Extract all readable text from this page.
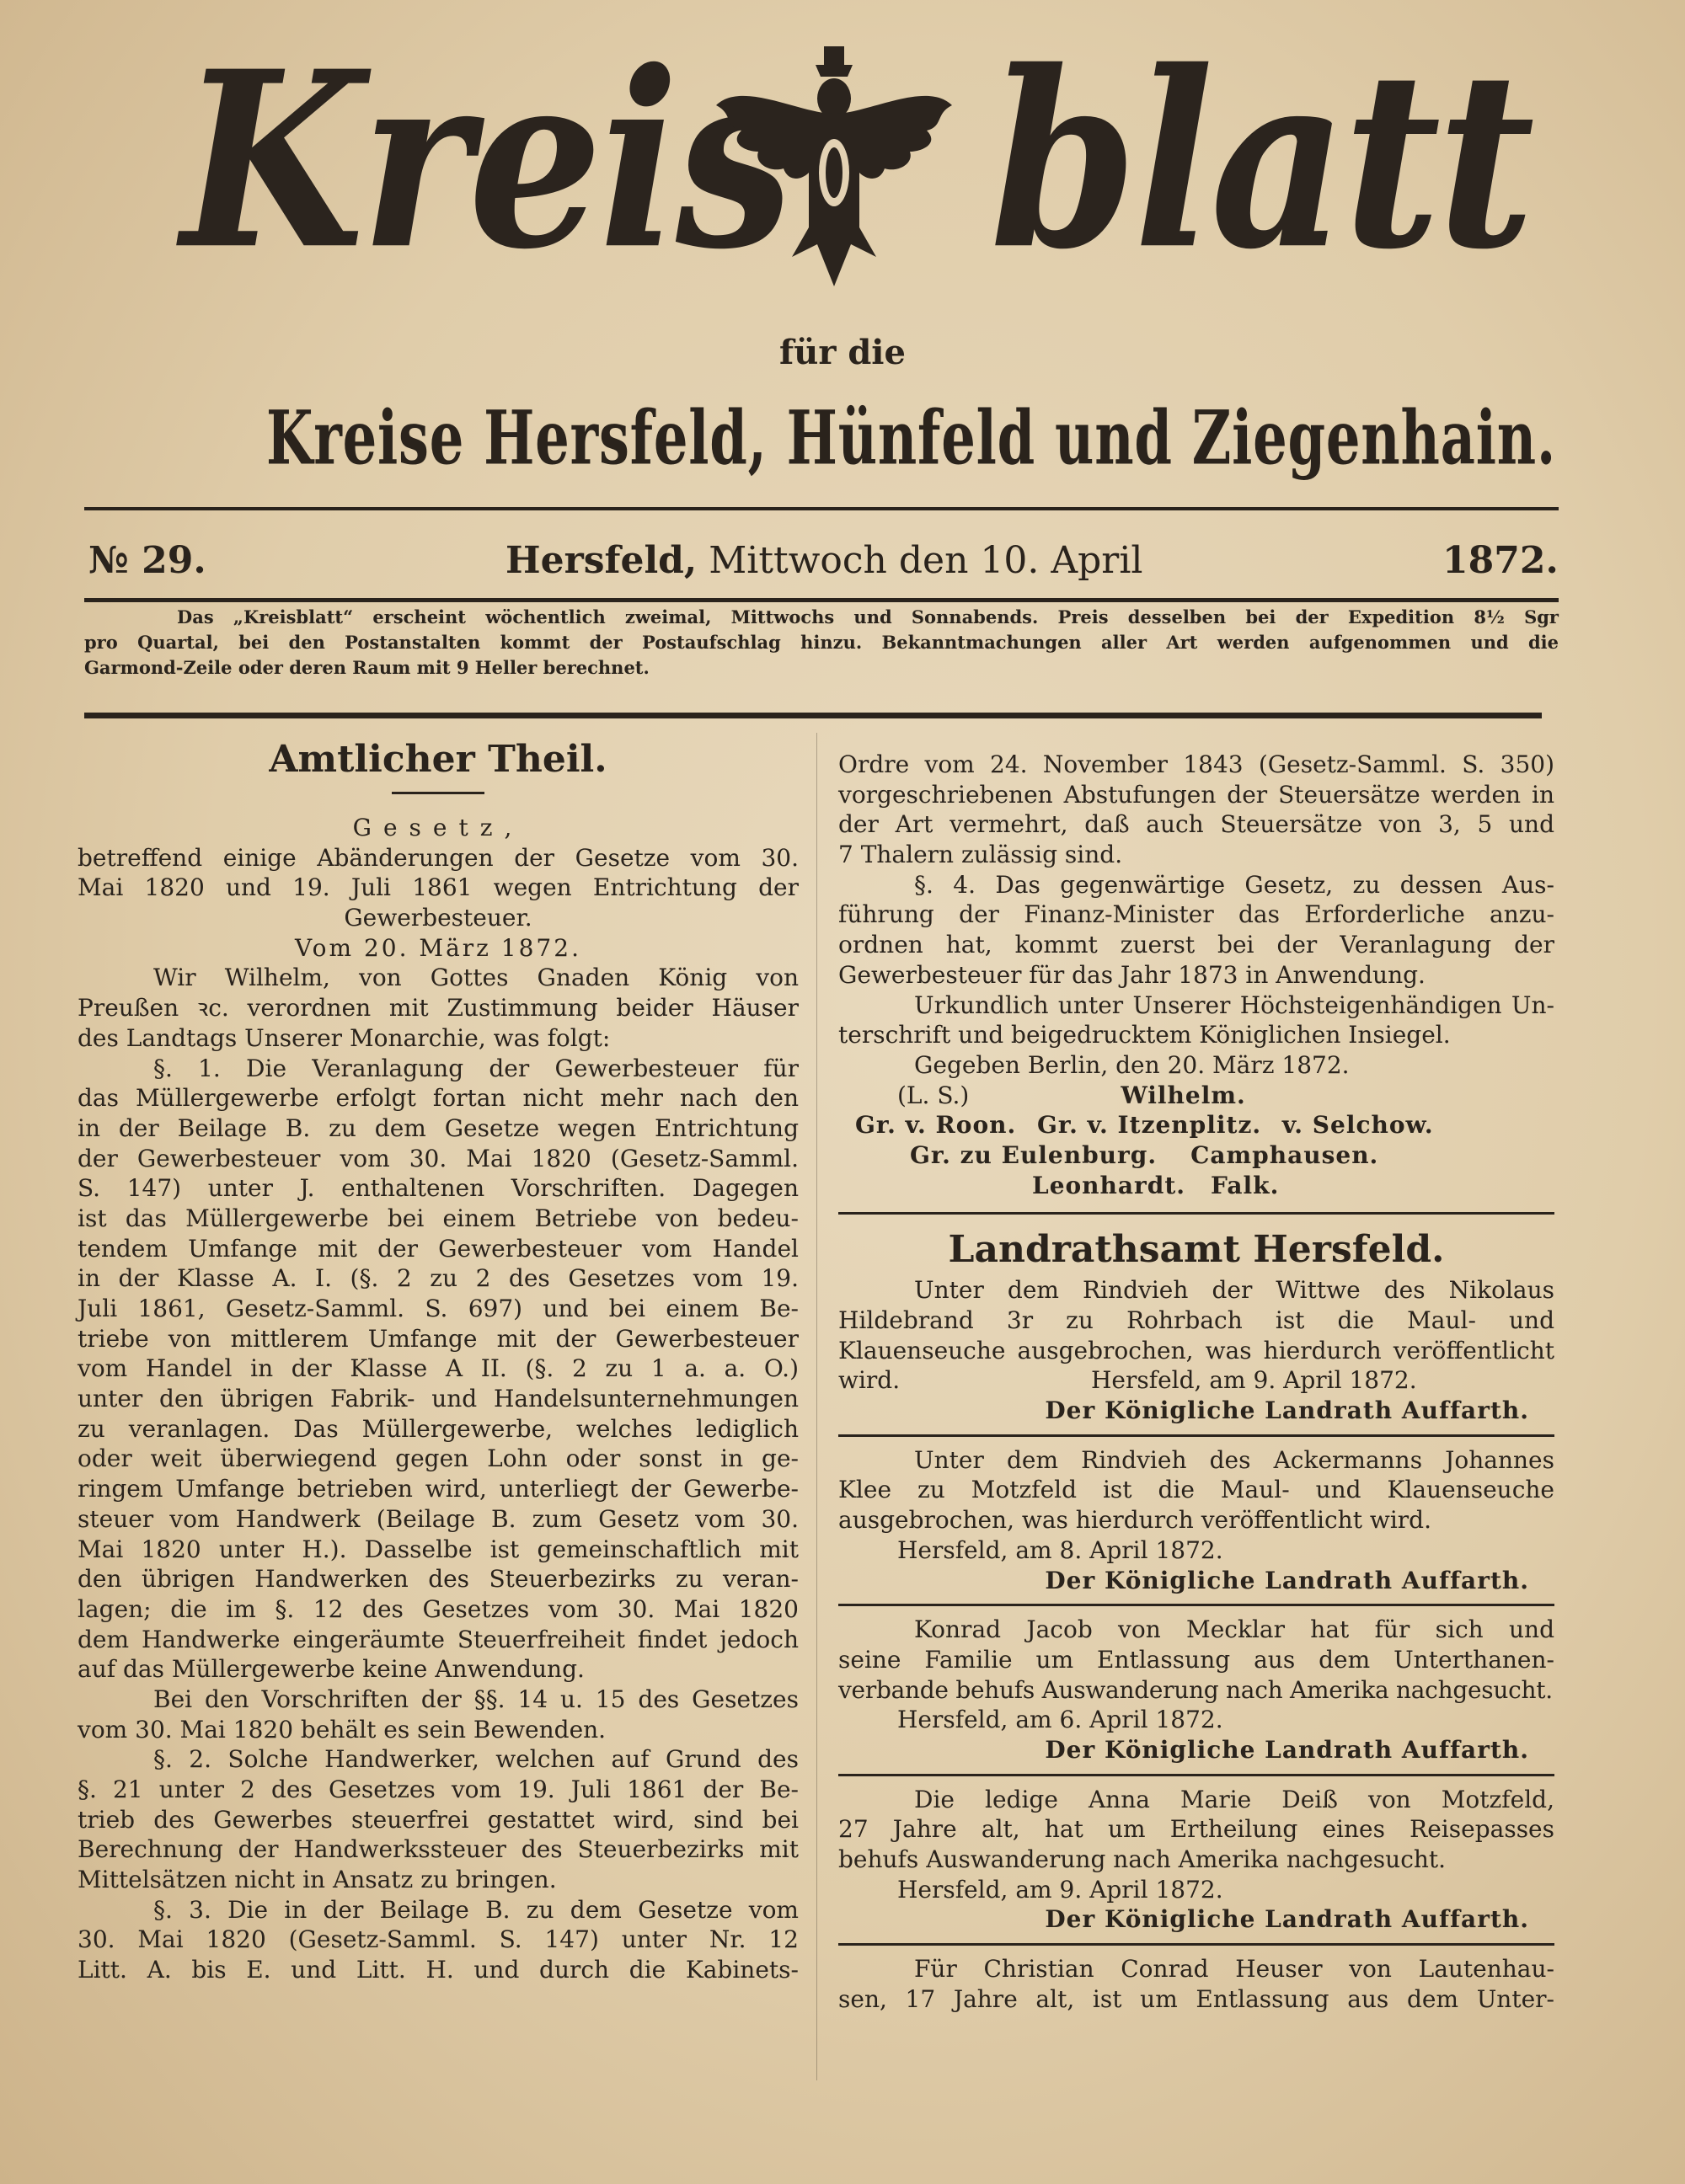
Kreis blatt
für die
Kreise Hersfeld, Hünfeld und Ziegenhain.
№ 29.	Hersfeld, Mittwoch den 10. April	1872.
Das „Kreisblatt“ erscheint wöchentlich zweimal, Mittwochs und Sonnabends. Preis desselben bei der Expedition 8½ Sgr
pro Quartal, bei den Postanstalten kommt der Postaufschlag hinzu. Bekanntmachungen aller Art werden aufgenommen und die
Garmond-Zeile oder deren Raum mit 9 Heller berechnet.
Amtlicher Theil.
Gesetz,
betreffend einige Abänderungen der Gesetze vom 30.
Mai 1820 und 19. Juli 1861 wegen Entrichtung der
Gewerbesteuer.
Vom 20. März 1872.
Wir Wilhelm, von Gottes Gnaden König von
Preußen ꝛc. verordnen mit Zustimmung beider Häuser
des Landtags Unserer Monarchie, was folgt:
§. 1. Die Veranlagung der Gewerbesteuer für
das Müllergewerbe erfolgt fortan nicht mehr nach den
in der Beilage B. zu dem Gesetze wegen Entrichtung
der Gewerbesteuer vom 30. Mai 1820 (Gesetz-Samml.
S. 147) unter J. enthaltenen Vorschriften. Dagegen
ist das Müllergewerbe bei einem Betriebe von bedeu-
tendem Umfange mit der Gewerbesteuer vom Handel
in der Klasse A. I. (§. 2 zu 2 des Gesetzes vom 19.
Juli 1861, Gesetz-Samml. S. 697) und bei einem Be-
triebe von mittlerem Umfange mit der Gewerbesteuer
vom Handel in der Klasse A II. (§. 2 zu 1 a. a. O.)
unter den übrigen Fabrik- und Handelsunternehmungen
zu veranlagen. Das Müllergewerbe, welches lediglich
oder weit überwiegend gegen Lohn oder sonst in ge-
ringem Umfange betrieben wird, unterliegt der Gewerbe-
steuer vom Handwerk (Beilage B. zum Gesetz vom 30.
Mai 1820 unter H.). Dasselbe ist gemeinschaftlich mit
den übrigen Handwerken des Steuerbezirks zu veran-
lagen; die im §. 12 des Gesetzes vom 30. Mai 1820
dem Handwerke eingeräumte Steuerfreiheit findet jedoch
auf das Müllergewerbe keine Anwendung.
Bei den Vorschriften der §§. 14 u. 15 des Gesetzes
vom 30. Mai 1820 behält es sein Bewenden.
§. 2. Solche Handwerker, welchen auf Grund des
§. 21 unter 2 des Gesetzes vom 19. Juli 1861 der Be-
trieb des Gewerbes steuerfrei gestattet wird, sind bei
Berechnung der Handwerkssteuer des Steuerbezirks mit
Mittelsätzen nicht in Ansatz zu bringen.
§. 3. Die in der Beilage B. zu dem Gesetze vom
30. Mai 1820 (Gesetz-Samml. S. 147) unter Nr. 12
Litt. A. bis E. und Litt. H. und durch die Kabinets-
Ordre vom 24. November 1843 (Gesetz-Samml. S. 350)
vorgeschriebenen Abstufungen der Steuersätze werden in
der Art vermehrt, daß auch Steuersätze von 3, 5 und
7 Thalern zulässig sind.
§. 4. Das gegenwärtige Gesetz, zu dessen Aus-
führung der Finanz-Minister das Erforderliche anzu-
ordnen hat, kommt zuerst bei der Veranlagung der
Gewerbesteuer für das Jahr 1873 in Anwendung.
Urkundlich unter Unserer Höchsteigenhändigen Un-
terschrift und beigedrucktem Königlichen Insiegel.
Gegeben Berlin, den 20. März 1872.
(L. S.)	Wilhelm.
Gr. v. Roon. Gr. v. Itzenplitz. v. Selchow.
Gr. zu Eulenburg. Camphausen.
Leonhardt. Falk.
Landrathsamt Hersfeld.
Unter dem Rindvieh der Wittwe des Nikolaus
Hildebrand 3r zu Rohrbach ist die Maul- und
Klauenseuche ausgebrochen, was hierdurch veröffentlicht
wird.	Hersfeld, am 9. April 1872.
Der Königliche Landrath Auffarth.
Unter dem Rindvieh des Ackermanns Johannes
Klee zu Motzfeld ist die Maul- und Klauenseuche
ausgebrochen, was hierdurch veröffentlicht wird.
Hersfeld, am 8. April 1872.
Der Königliche Landrath Auffarth.
Konrad Jacob von Mecklar hat für sich und
seine Familie um Entlassung aus dem Unterthanen-
verbande behufs Auswanderung nach Amerika nachgesucht.
Hersfeld, am 6. April 1872.
Der Königliche Landrath Auffarth.
Die ledige Anna Marie Deiß von Motzfeld,
27 Jahre alt, hat um Ertheilung eines Reisepasses
behufs Auswanderung nach Amerika nachgesucht.
Hersfeld, am 9. April 1872.
Der Königliche Landrath Auffarth.
Für Christian Conrad Heuser von Lautenhau-
sen, 17 Jahre alt, ist um Entlassung aus dem Unter-
